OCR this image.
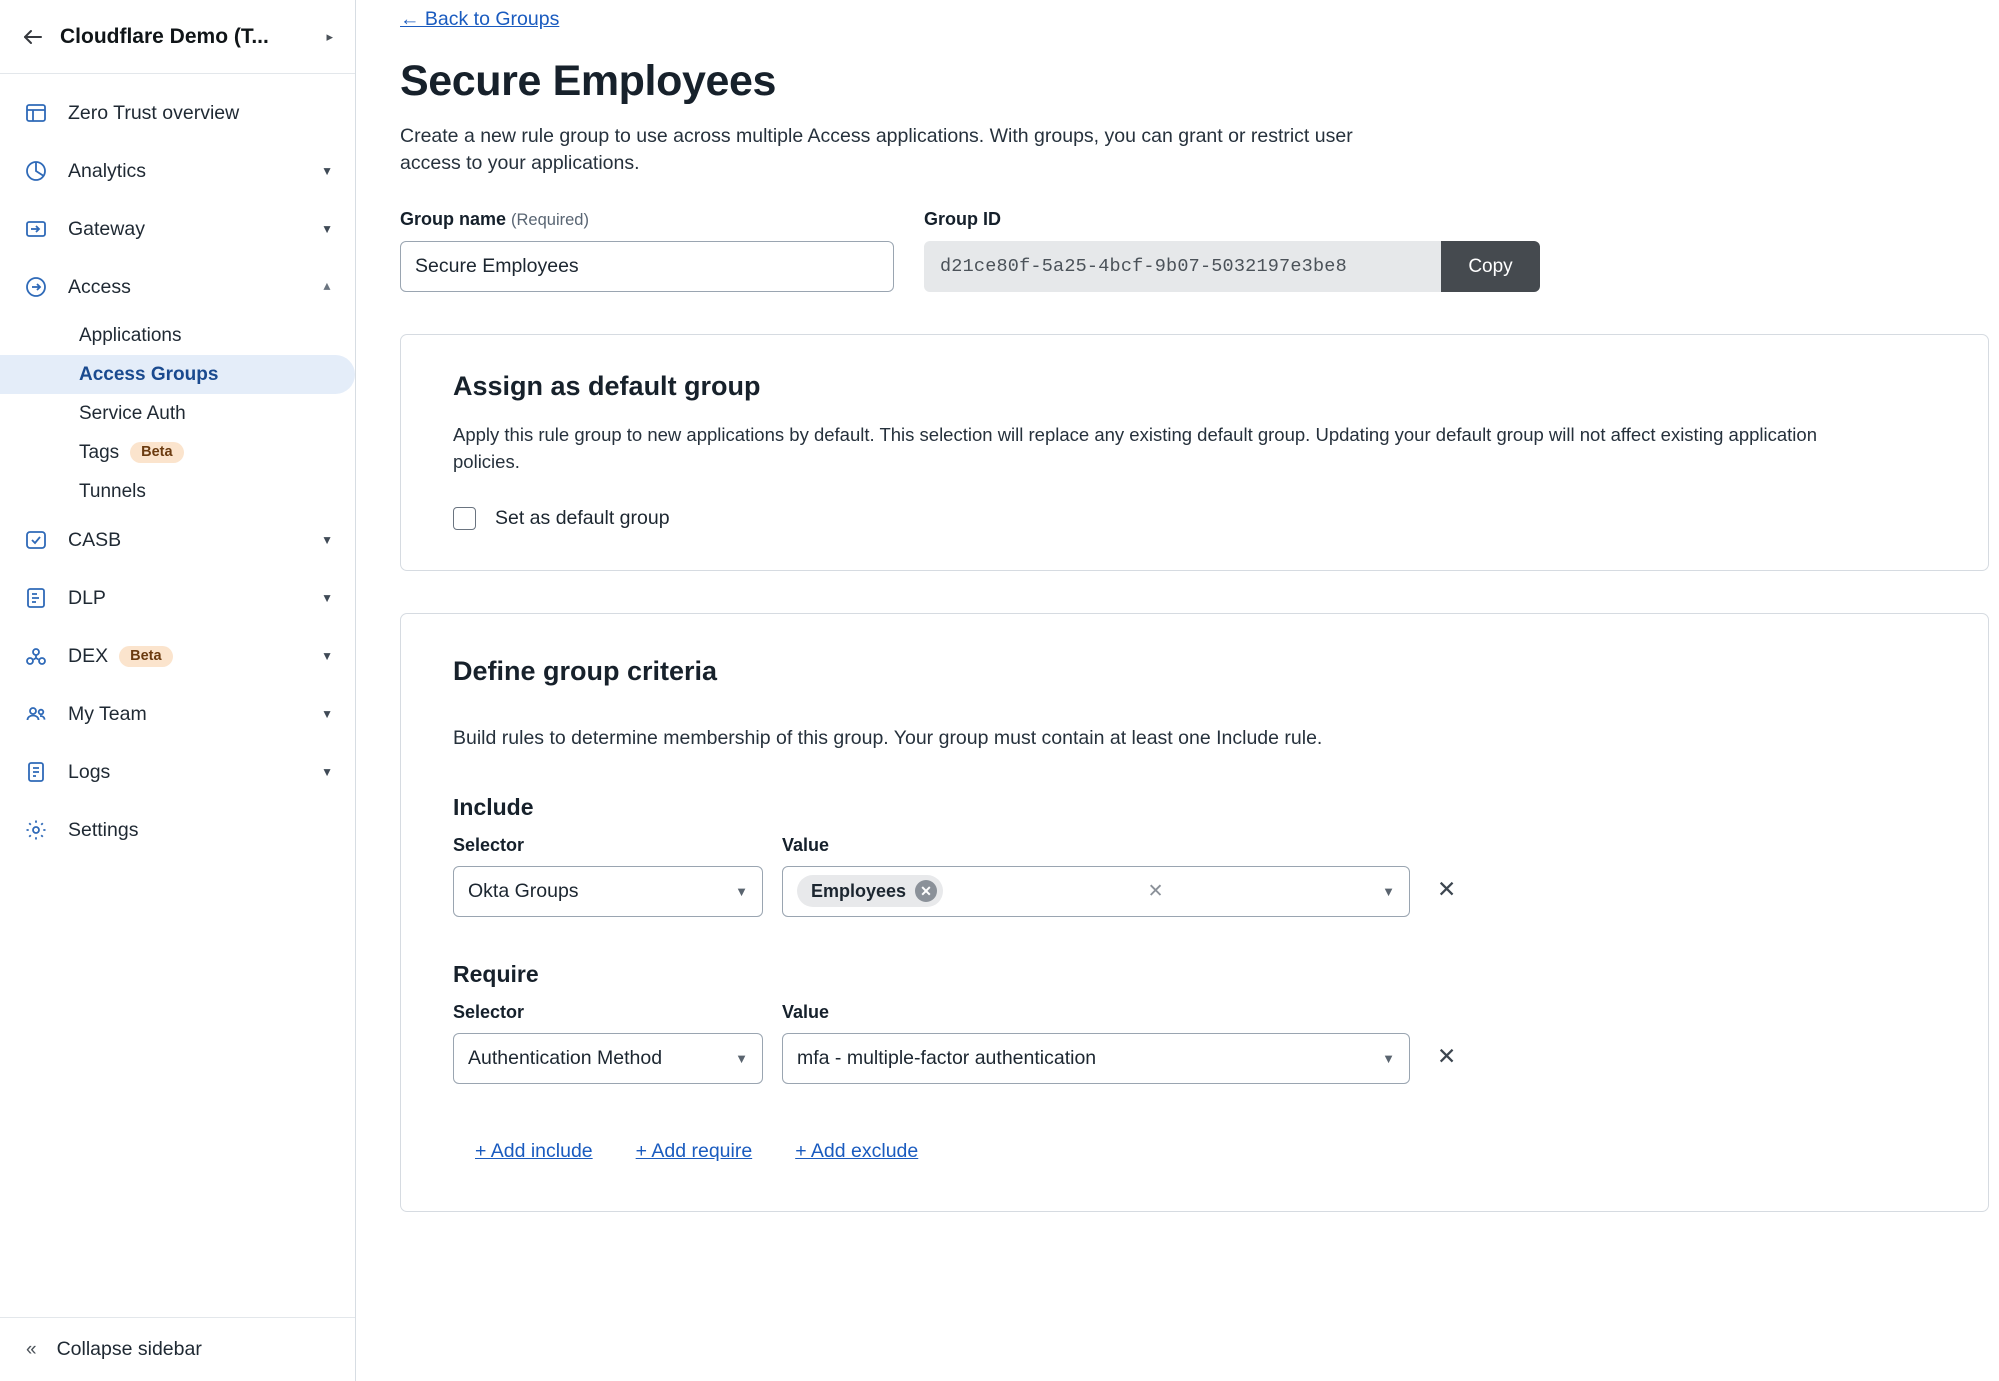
Cloudflare Demo (T...	▸
Zero Trust overview
Analytics	▼
Gateway	▼
Access	▼
Applications
Access Groups
Service Auth
Tags	Beta
Tunnels
CASB	▼
DLP	▼
DEX	Beta	▼
My Team	▼
Logs	▼
Settings
« Collapse sidebar
← Back to Groups
Secure Employees

Create a new rule group to use across multiple Access applications. With groups, you can grant or restrict user access to your applications.

Group name (Required)
Secure Employees	Group ID
d21ce80f-5a25-4bcf-9b07-5032197e3be8	Copy
Assign as default group

Apply this rule group to new applications by default. This selection will replace any existing default group. Updating your default group will not affect existing application policies.

Set as default group
Define group criteria

Build rules to determine membership of this group. Your group must contain at least one Include rule.

Include
Selector
Okta Groups	▼
Value
Employees	✕	✕	▼ ✕
Require
Selector
Authentication Method	▼
Value
mfa - multiple-factor authentication	▼ ✕
+ Add include + Add require + Add exclude
